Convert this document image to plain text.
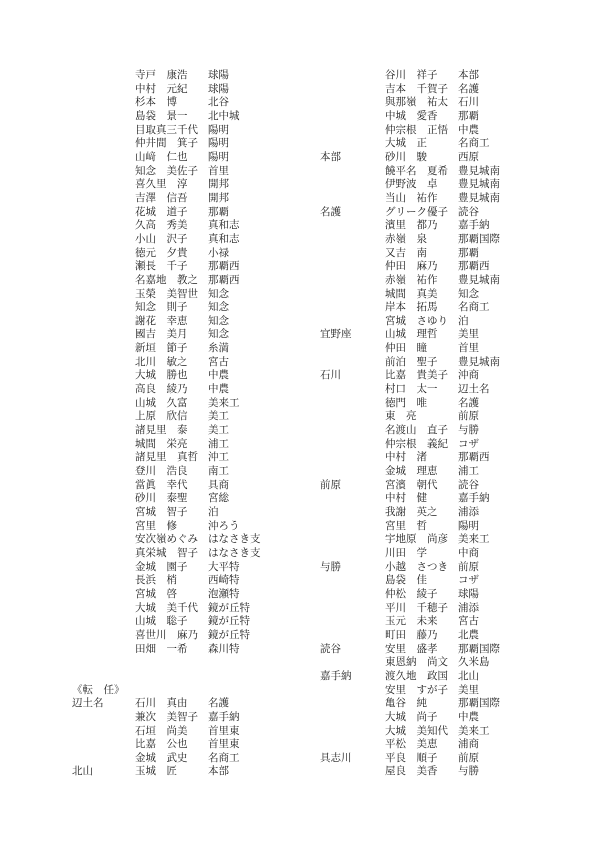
寺戸　康浩	球陽
中村　元紀	球陽
杉本　博	北谷
島袋　景一	北中城
目取真三千代 陽明
仲井間　箕子 陽明
山﨑　仁也	陽明
知念　美佐子 首里
喜久里　淳	開邦
吉澤　信吾	開邦
花城　道子	那覇
久高　秀美	真和志
小山　沢子	真和志
徳元　夕貴	小禄
瀬長　千子	那覇西
名嘉地　教之 那覇西
玉榮　美智世 知念
知念　則子	知念
謝花　幸恵	知念
國吉　美月	知念
新垣　節子	糸満
北川　敏之	宮古
大城　勝也	中農
高良　綾乃	中農
山城　久富	美来工
上原　欣信	美工
諸見里　泰	美工
城間　栄亮	浦工
諸見里　真哲 沖工
登川　浩良	南工
當眞　幸代	具商
砂川　泰聖	宮総
宮城　智子	泊
宮里　修	沖ろう
安次嶺めぐみ はなさき支
真栄城　智子 はなさき支
金城　園子	大平特
長浜　梢	西崎特
宮城　啓	泡瀬特
大城　美千代 鏡が丘特
山城　聡子	鏡が丘特
喜世川　麻乃 鏡が丘特
田畑　一希	森川特
《転　任》
辺土名	石川　真由	名護
兼次　美智子 嘉手納
石垣　尚美	首里東
比嘉　公也	首里東
金城　武史	名商工
北山	玉城　匠	本部
谷川　祥子	本部
吉本　千賀子 名護
與那嶺　祐太 石川
中城　愛香	那覇
仲宗根　正悟 中農
大城　正	名商工
本部	砂川　駿	西原
饒平名　夏希 豊見城南
伊野波　卓	豊見城南
当山　祐作	豊見城南
名護	グリーク優子 読谷
濱里　都乃	嘉手納
赤嶺　泉	那覇国際
又吉　南	那覇
仲田　麻乃	那覇西
赤嶺　祐作	豊見城南
城間　真美	知念
岸本　拓馬	名商工
宮城　さゆり 泊
宜野座	山城　理哲	美里
仲田　瞳	首里
前泊　聖子	豊見城南
石川	比嘉　貴美子 沖商
村口　太一	辺土名
徳門　唯	名護
東　亮	前原
名渡山　直子 与勝
仲宗根　義紀 コザ
中村　渚	那覇西
金城　理恵	浦工
前原	宮濱　朝代	読谷
中村　健	嘉手納
我謝　英之	浦添
宮里　哲	陽明
宇地原　尚彦 美来工
川田　学	中商
与勝	小越　さつき 前原
島袋　佳	コザ
仲松　綾子	球陽
平川　千穂子 浦添
玉元　未来	宮古
町田　藤乃	北農
読谷	安里　盛孝	那覇国際
東恩納　尚文 久米島
嘉手納	渡久地　政国 北山
安里　すが子 美里
亀谷　純	那覇国際
大城　尚子	中農
大城　美知代 美来工
平松　美恵	浦商
具志川	平良　順子	前原
屋良　美香	与勝
